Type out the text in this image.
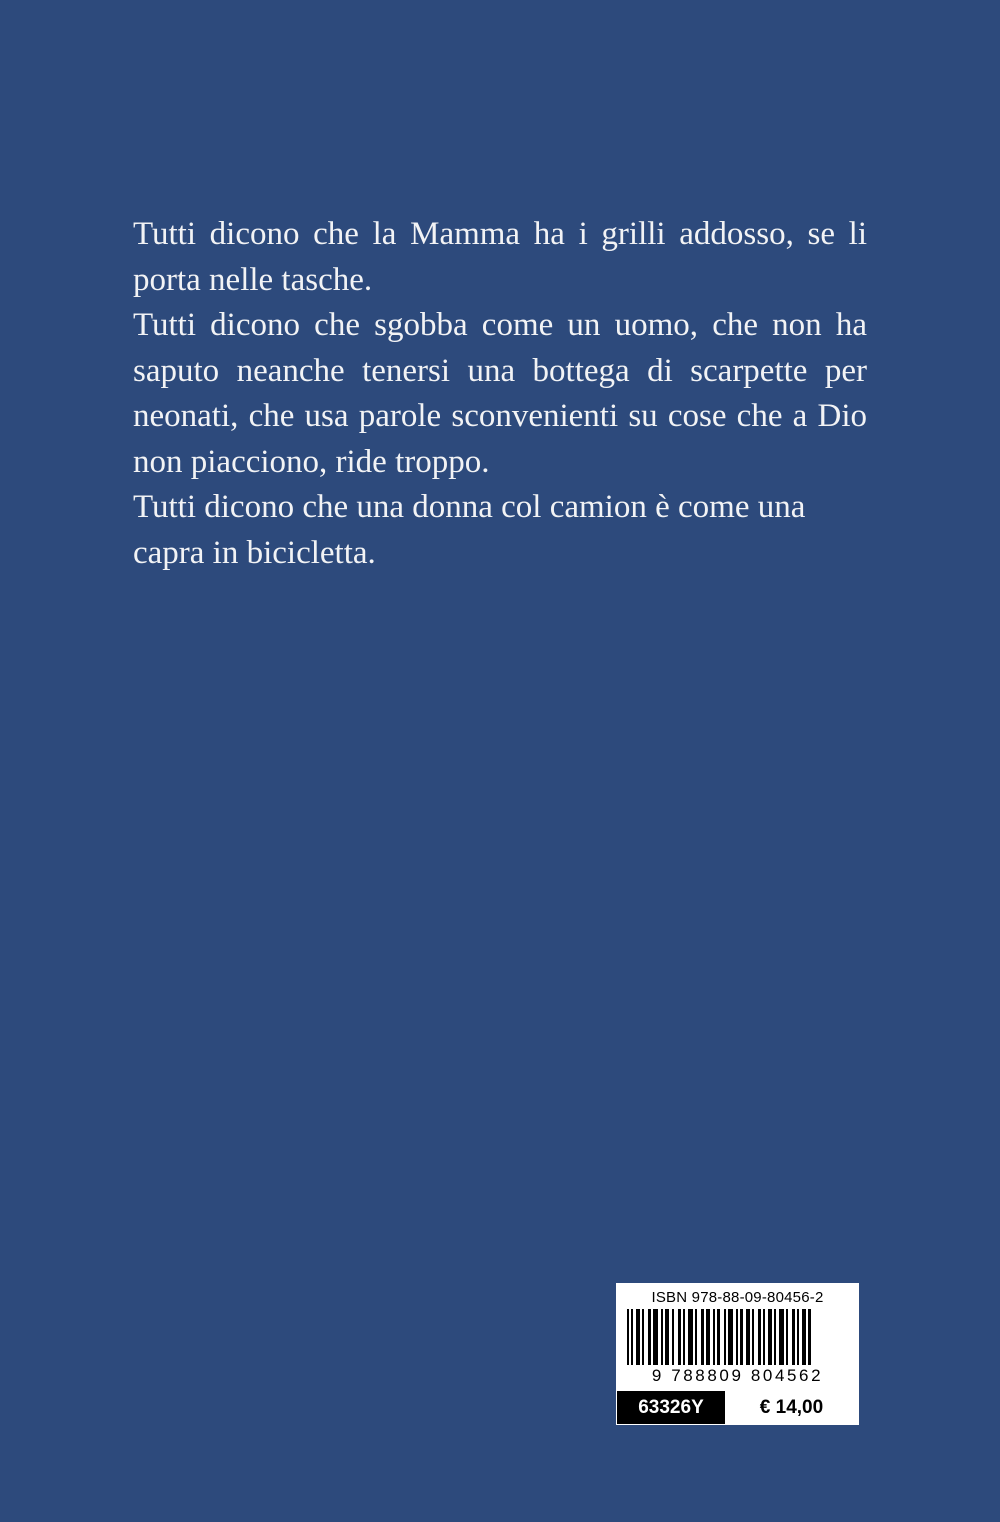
Tutti dicono che la Mamma ha i grilli addosso, se li porta nelle tasche.

Tutti dicono che sgobba come un uomo, che non ha saputo neanche tenersi una bottega di scarpette per neonati, che usa parole sconvenienti su cose che a Dio non piacciono, ride troppo.

Tutti dicono che una donna col camion è come una capra in bicicletta.

ISBN 978-88-09-80456-2
9 788809 804562
63326Y	€ 14,00
